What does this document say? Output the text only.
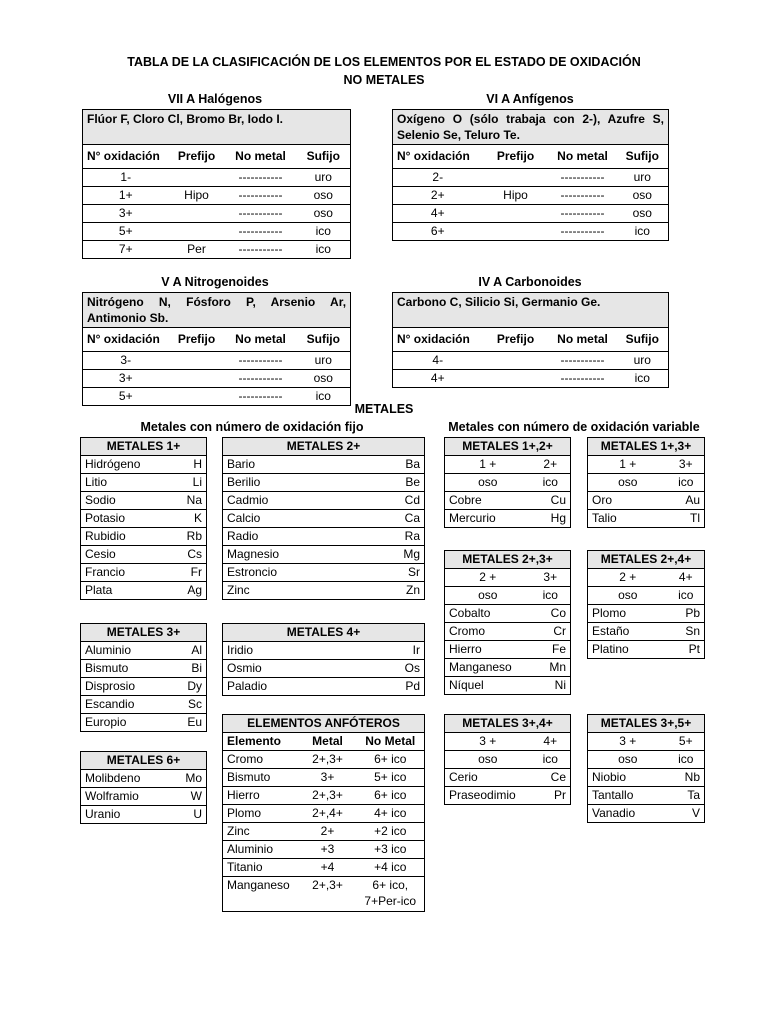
TABLA DE LA CLASIFICACIÓN DE LOS ELEMENTOS POR EL ESTADO DE OXIDACIÓN
NO METALES
VII A Halógenos
Flúor F, Cloro Cl, Bromo Br, Iodo I.			
N° oxidación	Prefijo	No metal	Sufijo
1-		-----------	uro
1+	Hipo	-----------	oso
3+		-----------	oso
5+		-----------	ico
7+	Per	-----------	ico
VI A Anfígenos
Oxígeno O (sólo trabaja con 2-), Azufre S, Selenio Se, Teluro Te.			
N° oxidación	Prefijo	No metal	Sufijo
2-		-----------	uro
2+	Hipo	-----------	oso
4+		-----------	oso
6+		-----------	ico
V A Nitrogenoides
Nitrógeno N, Fósforo P, Arsenio Ar, Antimonio Sb.			
N° oxidación	Prefijo	No metal	Sufijo
3-		-----------	uro
3+		-----------	oso
5+		-----------	ico
IV A Carbonoides
Carbono C, Silicio Si, Germanio Ge.			
N° oxidación	Prefijo	No metal	Sufijo
4-		-----------	uro
4+		-----------	ico
METALES
Metales con número de oxidación fijo	Metales con número de oxidación variable
METALES 1+	
Hidrógeno	H
Litio	Li
Sodio	Na
Potasio	K
Rubidio	Rb
Cesio	Cs
Francio	Fr
Plata	Ag
METALES 2+	
Bario	Ba
Berilio	Be
Cadmio	Cd
Calcio	Ca
Radio	Ra
Magnesio	Mg
Estroncio	Sr
Zinc	Zn
METALES 3+	
Aluminio	Al
Bismuto	Bi
Disprosio	Dy
Escandio	Sc
Europio	Eu
METALES 4+	
Iridio	Ir
Osmio	Os
Paladio	Pd
METALES 6+	
Molibdeno	Mo
Wolframio	W
Uranio	U
ELEMENTOS ANFÓTEROS		
Elemento	Metal	No Metal
Cromo	2+,3+	6+ ico
Bismuto	3+	5+ ico
Hierro	2+,3+	6+ ico
Plomo	2+,4+	4+ ico
Zinc	2+	+2 ico
Aluminio	+3	+3 ico
Titanio	+4	+4 ico
Manganeso	2+,3+	6+ ico,
7+Per-ico
METALES 1+,2+	
1 +	2+
oso	ico
Cobre	Cu
Mercurio	Hg
METALES 1+,3+	
1 +	3+
oso	ico
Oro	Au
Talio	Tl
METALES 2+,3+	
2 +	3+
oso	ico
Cobalto	Co
Cromo	Cr
Hierro	Fe
Manganeso	Mn
Níquel	Ni
METALES 2+,4+	
2 +	4+
oso	ico
Plomo	Pb
Estaño	Sn
Platino	Pt
METALES 3+,4+	
3 +	4+
oso	ico
Cerio	Ce
Praseodimio	Pr
METALES 3+,5+	
3 +	5+
oso	ico
Niobio	Nb
Tantallo	Ta
Vanadio	V
